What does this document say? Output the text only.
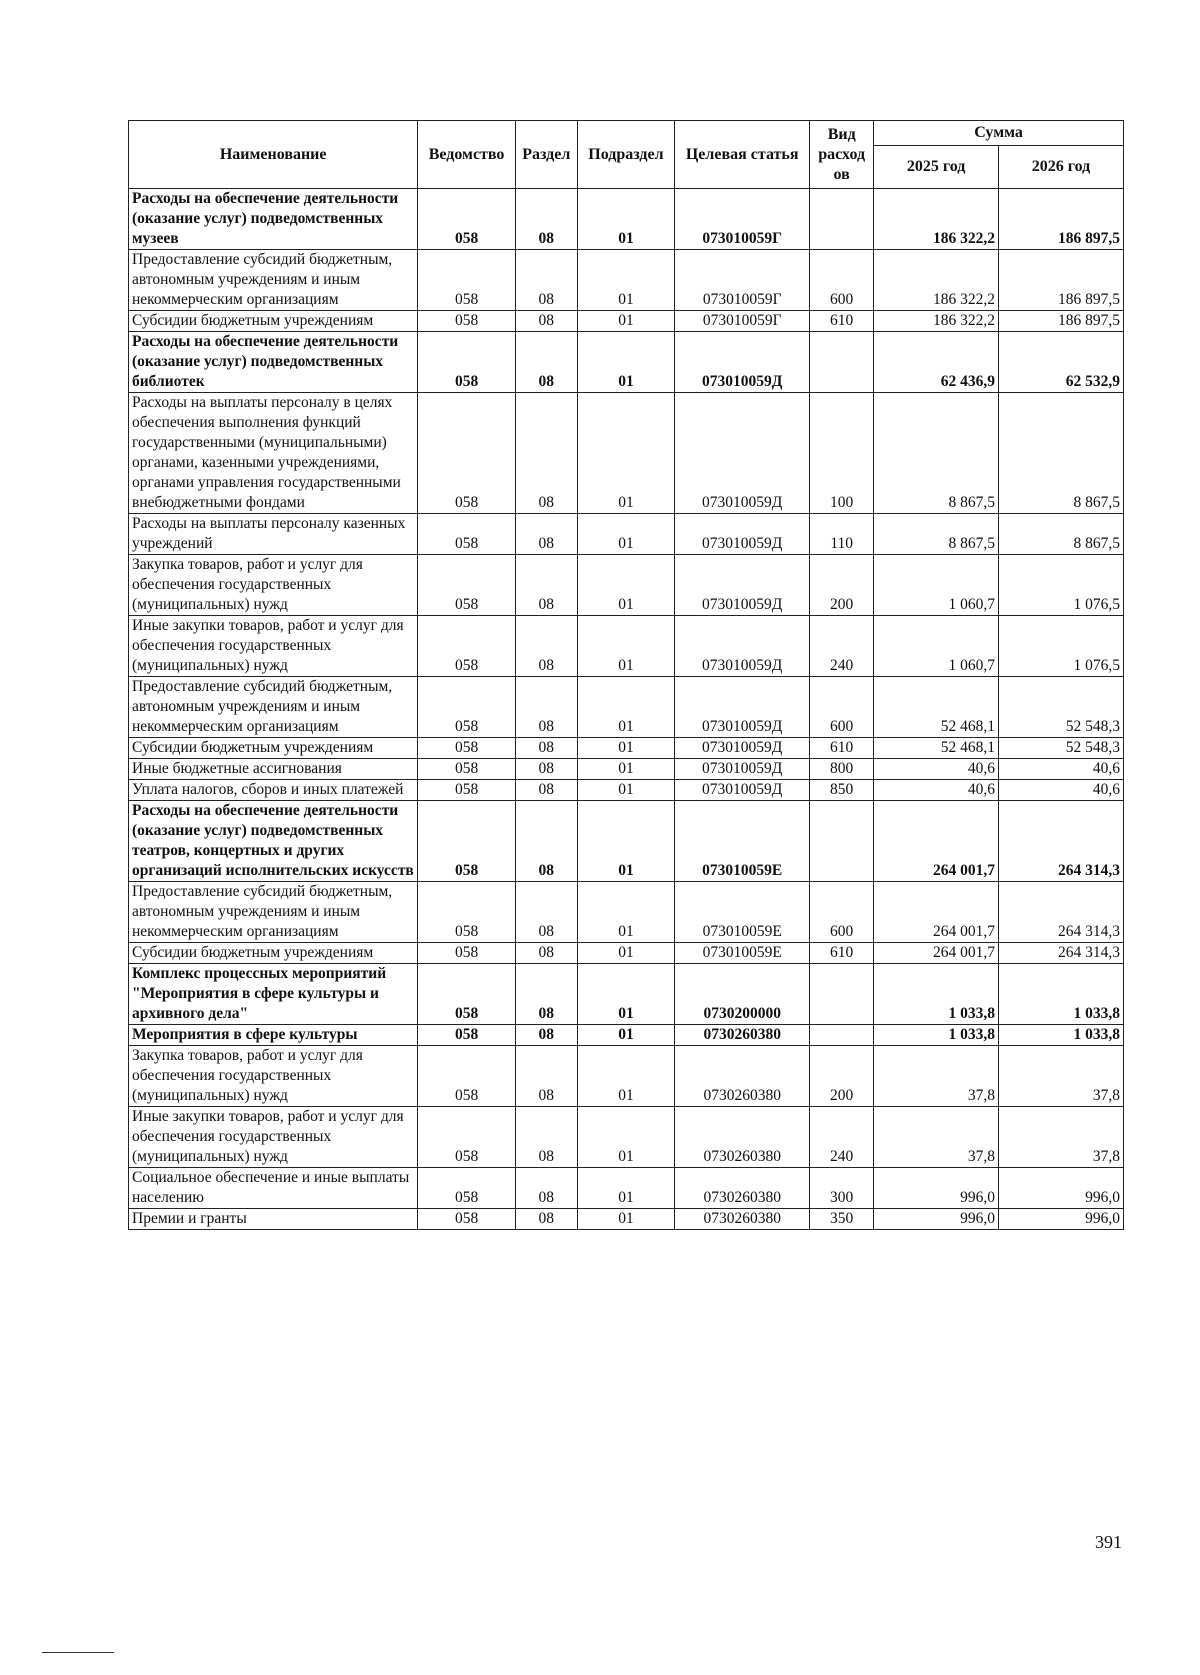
Наименование	Ведомство	Раздел	Подраздел	Целевая статья	Вид расход ов	Сумма	
						2025 год	2026 год
Расходы на обеспечение деятельности (оказание услуг) подведомственных музеев	058	08	01	073010059Г		186 322,2	186 897,5
Предоставление субсидий бюджетным, автономным учреждениям и иным некоммерческим организациям	058	08	01	073010059Г	600	186 322,2	186 897,5
Субсидии бюджетным учреждениям	058	08	01	073010059Г	610	186 322,2	186 897,5
Расходы на обеспечение деятельности (оказание услуг) подведомственных библиотек	058	08	01	073010059Д		62 436,9	62 532,9
Расходы на выплаты персоналу в целях обеспечения выполнения функций государственными (муниципальными) органами, казенными учреждениями, органами управления государственными внебюджетными фондами	058	08	01	073010059Д	100	8 867,5	8 867,5
Расходы на выплаты персоналу казенных учреждений	058	08	01	073010059Д	110	8 867,5	8 867,5
Закупка товаров, работ и услуг для обеспечения государственных (муниципальных) нужд	058	08	01	073010059Д	200	1 060,7	1 076,5
Иные закупки товаров, работ и услуг для обеспечения государственных (муниципальных) нужд	058	08	01	073010059Д	240	1 060,7	1 076,5
Предоставление субсидий бюджетным, автономным учреждениям и иным некоммерческим организациям	058	08	01	073010059Д	600	52 468,1	52 548,3
Субсидии бюджетным учреждениям	058	08	01	073010059Д	610	52 468,1	52 548,3
Иные бюджетные ассигнования	058	08	01	073010059Д	800	40,6	40,6
Уплата налогов, сборов и иных платежей	058	08	01	073010059Д	850	40,6	40,6
Расходы на обеспечение деятельности (оказание услуг) подведомственных театров, концертных и других организаций исполнительских искусств	058	08	01	073010059Е		264 001,7	264 314,3
Предоставление субсидий бюджетным, автономным учреждениям и иным некоммерческим организациям	058	08	01	073010059Е	600	264 001,7	264 314,3
Субсидии бюджетным учреждениям	058	08	01	073010059Е	610	264 001,7	264 314,3
Комплекс процессных мероприятий "Мероприятия в сфере культуры и архивного дела"	058	08	01	0730200000		1 033,8	1 033,8
Мероприятия в сфере культуры	058	08	01	0730260380		1 033,8	1 033,8
Закупка товаров, работ и услуг для обеспечения государственных (муниципальных) нужд	058	08	01	0730260380	200	37,8	37,8
Иные закупки товаров, работ и услуг для обеспечения государственных (муниципальных) нужд	058	08	01	0730260380	240	37,8	37,8
Социальное обеспечение и иные выплаты населению	058	08	01	0730260380	300	996,0	996,0
Премии и гранты	058	08	01	0730260380	350	996,0	996,0
391
